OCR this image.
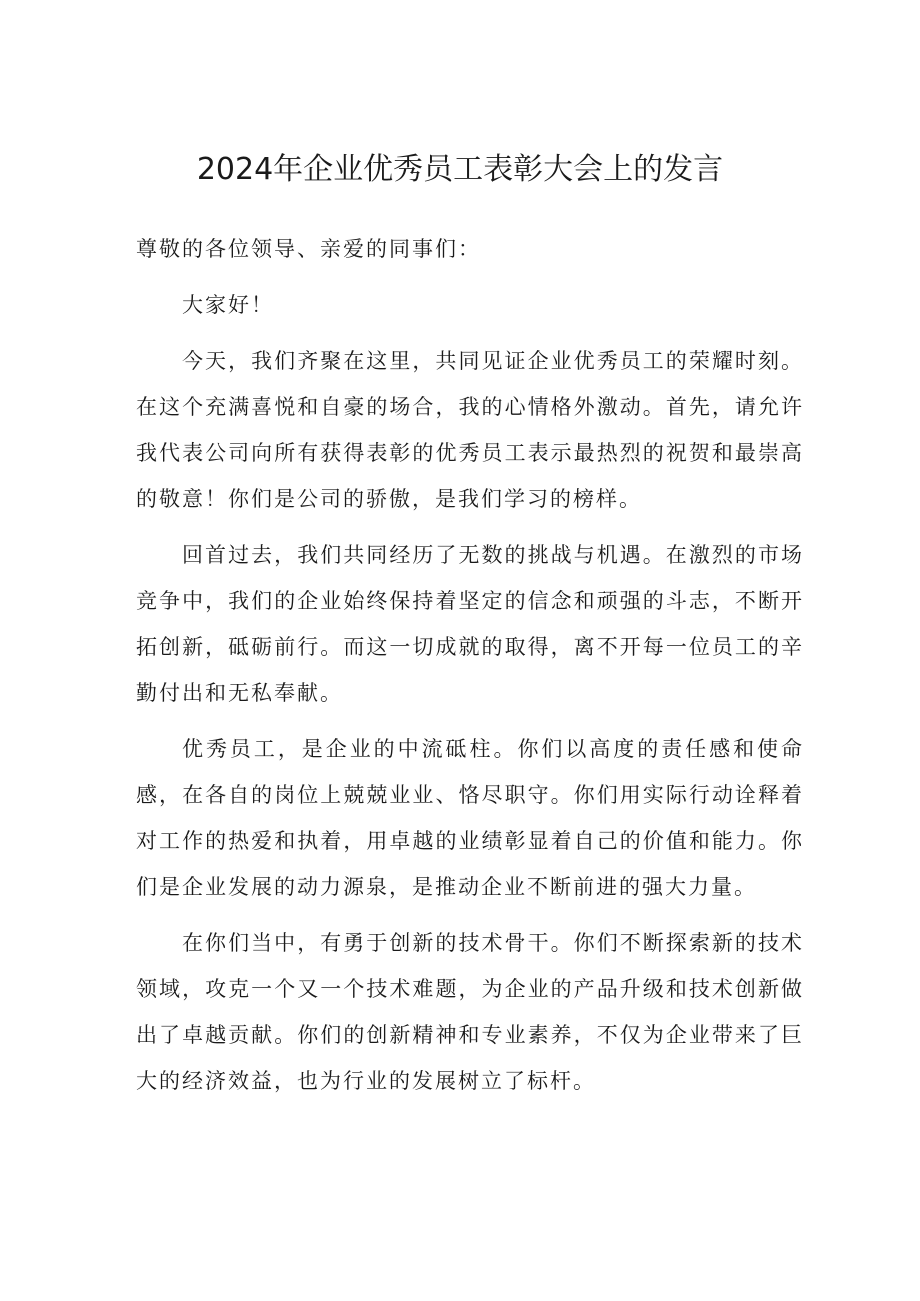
2024年企业优秀员工表彰大会上的发言

尊敬的各位领导、亲爱的同事们：

大家好！

今天，我们齐聚在这里，共同见证企业优秀员工的荣耀时刻。在这个充满喜悦和自豪的场合，我的心情格外激动。首先，请允许我代表公司向所有获得表彰的优秀员工表示最热烈的祝贺和最崇高的敬意！你们是公司的骄傲，是我们学习的榜样。

回首过去，我们共同经历了无数的挑战与机遇。在激烈的市场竞争中，我们的企业始终保持着坚定的信念和顽强的斗志，不断开拓创新，砥砺前行。而这一切成就的取得，离不开每一位员工的辛勤付出和无私奉献。

优秀员工，是企业的中流砥柱。你们以高度的责任感和使命感，在各自的岗位上兢兢业业、恪尽职守。你们用实际行动诠释着对工作的热爱和执着，用卓越的业绩彰显着自己的价值和能力。你们是企业发展的动力源泉，是推动企业不断前进的强大力量。

在你们当中，有勇于创新的技术骨干。你们不断探索新的技术领域，攻克一个又一个技术难题，为企业的产品升级和技术创新做出了卓越贡献。你们的创新精神和专业素养，不仅为企业带来了巨大的经济效益，也为行业的发展树立了标杆。
